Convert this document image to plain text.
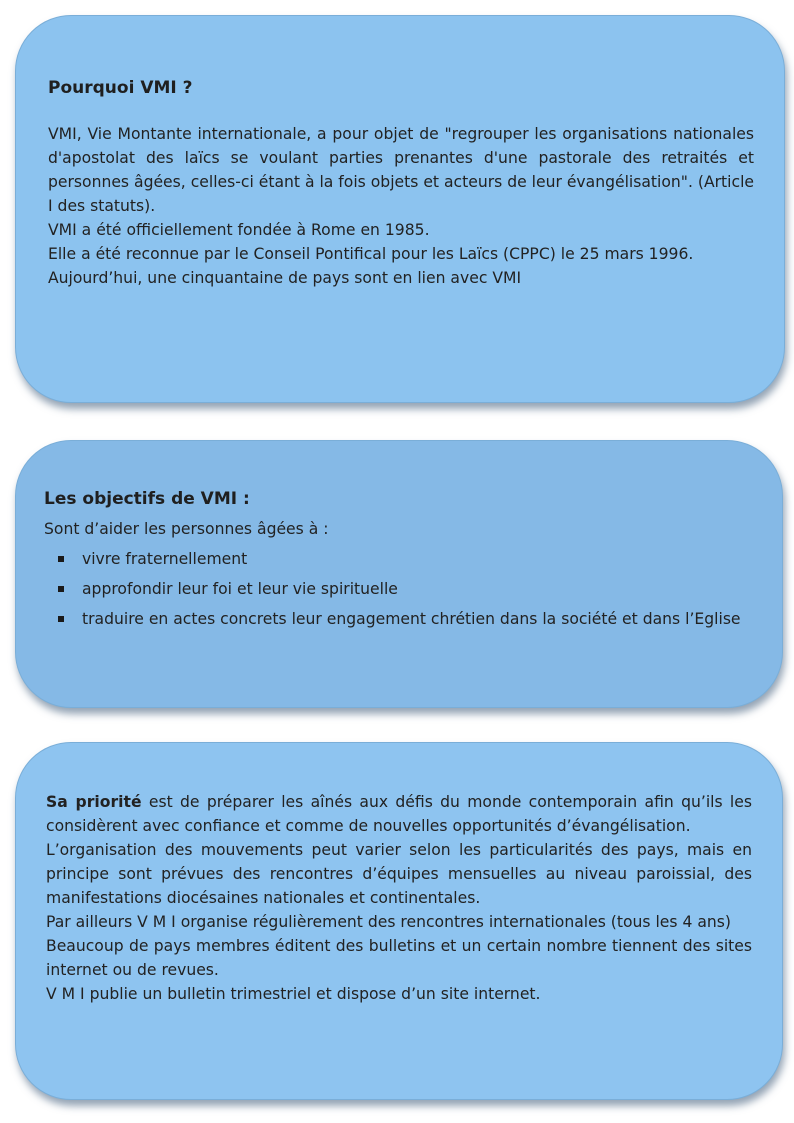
Pourquoi VMI ?

VMI, Vie Montante internationale, a pour objet de "regrouper les organisations nationales d'apostolat des laïcs se voulant parties prenantes d'une pastorale des retraités et personnes âgées, celles-ci étant à la fois objets et acteurs de leur évangélisation". (Article I des statuts).

VMI a été officiellement fondée à Rome en 1985.

Elle a été reconnue par le Conseil Pontifical pour les Laïcs (CPPC) le 25 mars 1996.

Aujourd’hui, une cinquantaine de pays sont en lien avec VMI

Les objectifs de VMI :

Sont d’aider les personnes âgées à :

vivre fraternellement
approfondir leur foi et leur vie spirituelle
traduire en actes concrets leur engagement chrétien dans la société et dans l’Eglise

Sa priorité est de préparer les aînés aux défis du monde contemporain afin qu’ils les considèrent avec confiance et comme de nouvelles opportunités d’évangélisation.

L’organisation des mouvements peut varier selon les particularités des pays, mais en principe sont prévues des rencontres d’équipes mensuelles au niveau paroissial, des manifestations diocésaines nationales et continentales.

Par ailleurs V M I organise régulièrement des rencontres internationales (tous les 4 ans)

Beaucoup de pays membres éditent des bulletins et un certain nombre tiennent des sites internet ou de revues.

V M I publie un bulletin trimestriel et dispose d’un site internet.
